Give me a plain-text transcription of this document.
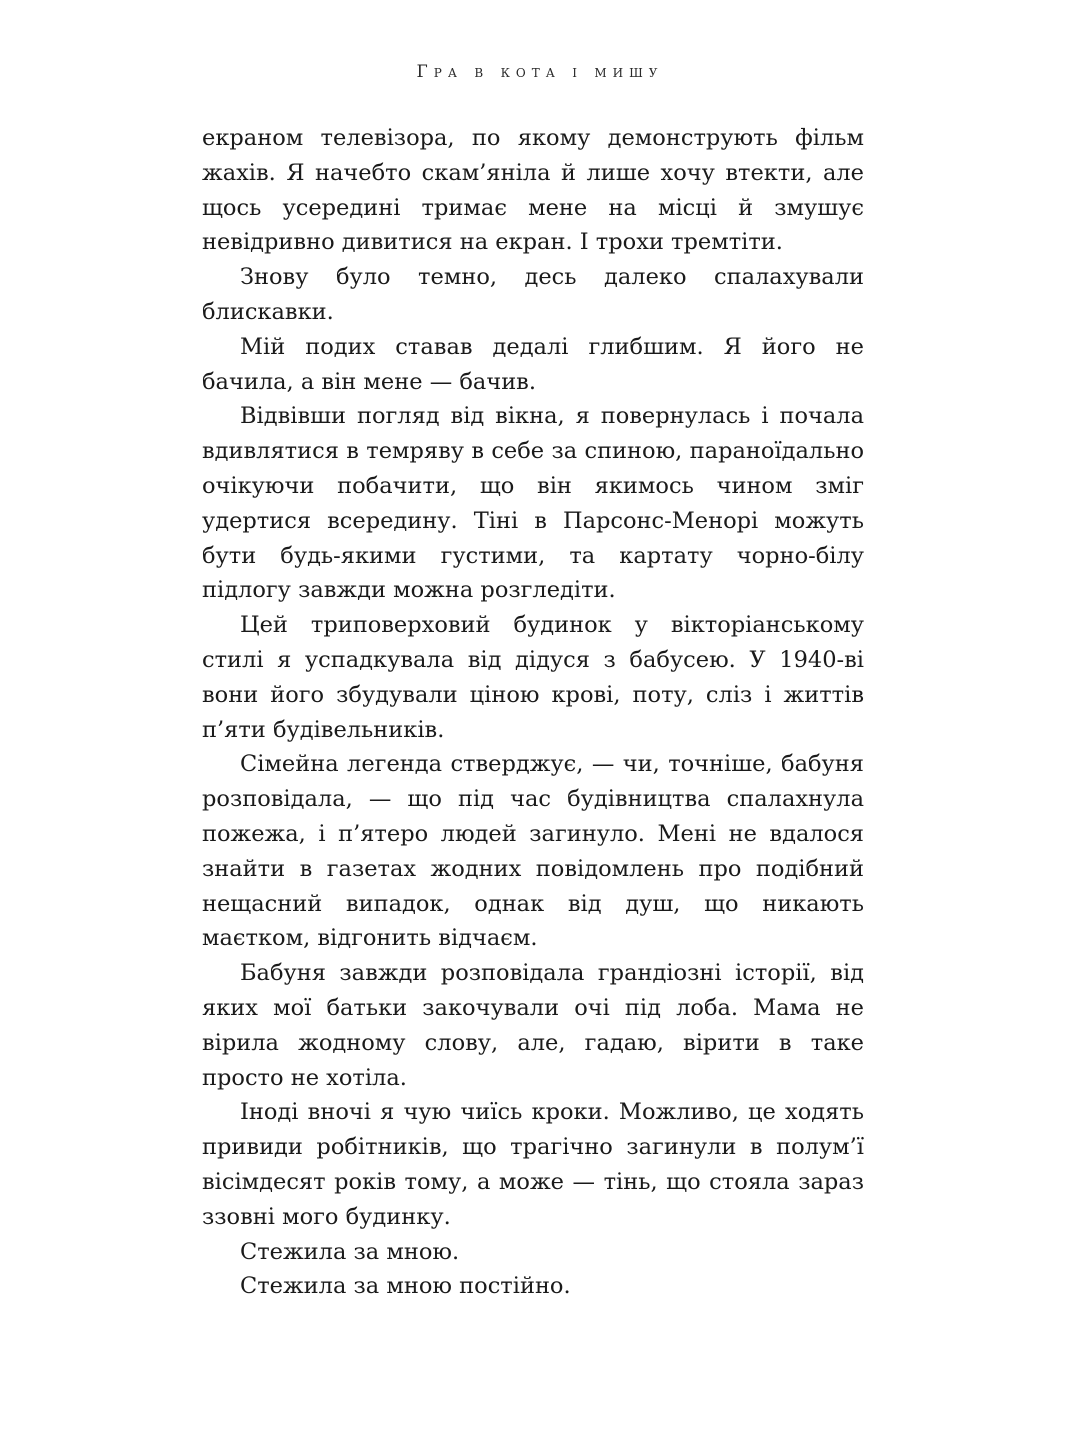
Гра в кота і мишу

екраном телевізора, по якому демонструють фільм жахів. Я начебто скам’яніла й лише хочу втекти, але щось усередині тримає мене на місці й змушує невідривно дивитися на екран. І трохи тремтіти.

Знову було темно, десь далеко спалахували блискавки.

Мій подих ставав дедалі глибшим. Я його не бачила, а він мене — бачив.

Відвівши погляд від вікна, я повернулась і почала вдивлятися в темряву в себе за спиною, параноїдально очікуючи побачити, що він якимось чином зміг удертися всередину. Тіні в Парсонс-Менорі можуть бути будь-якими густими, та картату чорно-білу підлогу завжди можна розгледіти.

Цей триповерховий будинок у вікторіанському стилі я успадкувала від дідуся з бабусею. У 1940-ві вони його збудували ціною крові, поту, сліз і життів п’яти будівельників.

Сімейна легенда стверджує, — чи, точніше, бабуня розповідала, — що під час будівництва спалахнула пожежа, і п’ятеро людей загинуло. Мені не вдалося знайти в газетах жодних повідомлень про подібний нещасний випадок, однак від душ, що никають маєтком, відгонить відчаєм.

Бабуня завжди розповідала грандіозні історії, від яких мої батьки закочували очі під лоба. Мама не вірила жодному слову, але, гадаю, вірити в таке просто не хотіла.

Іноді вночі я чую чиїсь кроки. Можливо, це ходять привиди робітників, що трагічно загинули в полум’ї вісімдесят років тому, а може — тінь, що стояла зараз ззовні мого будинку.

Стежила за мною.

Стежила за мною постійно.
